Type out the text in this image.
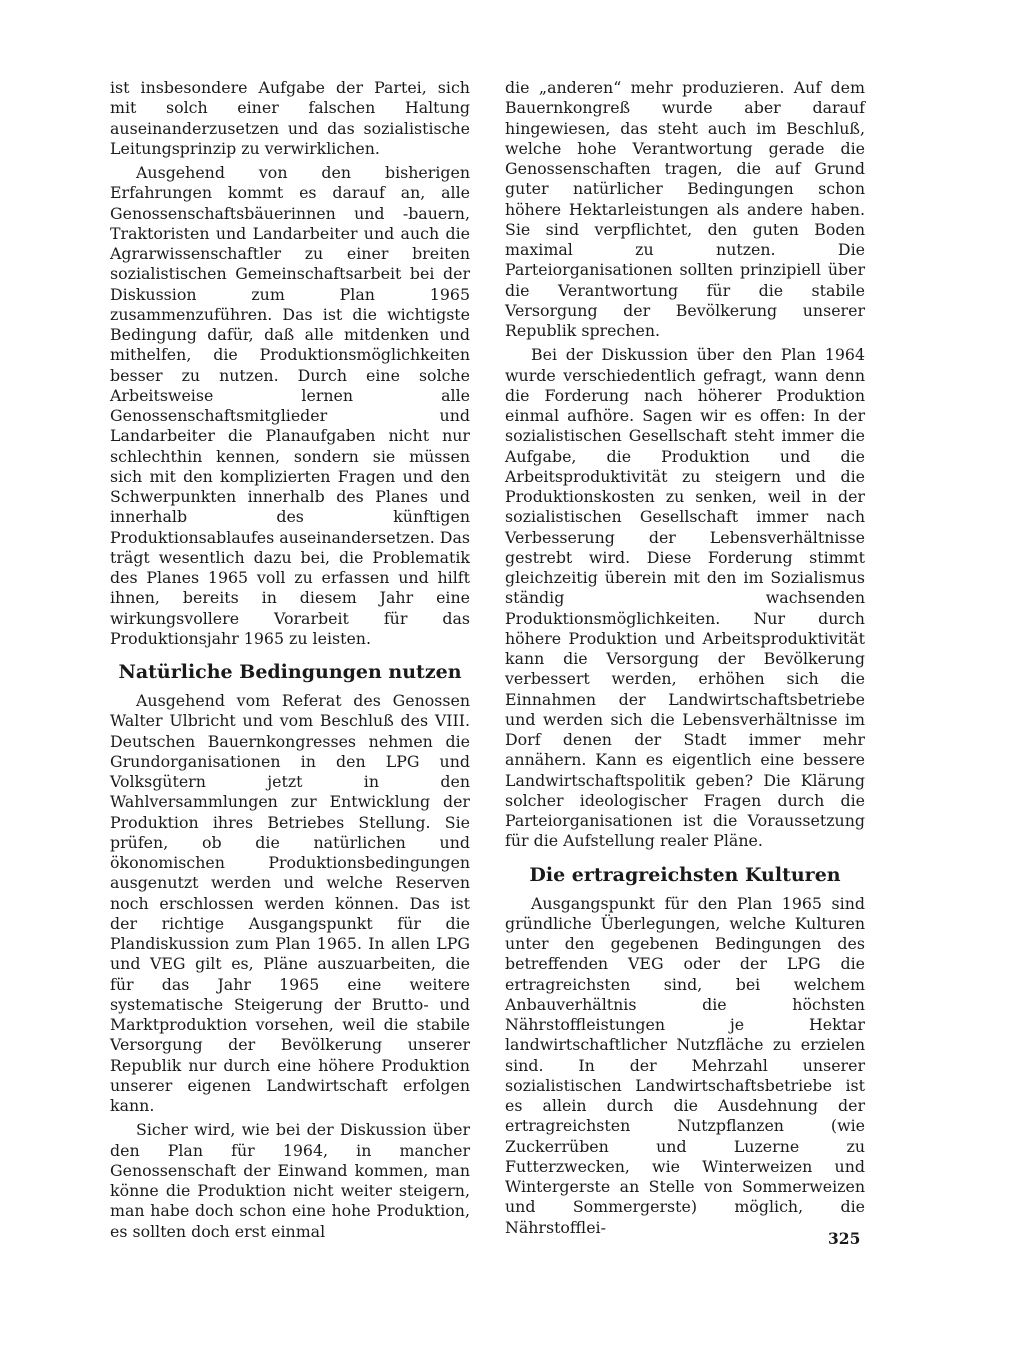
ist insbesondere Aufgabe der Partei, sich mit solch einer falschen Haltung auseinanderzusetzen und das sozialistische Leitungsprinzip zu verwirklichen.

Ausgehend von den bisherigen Erfahrungen kommt es darauf an, alle Genossenschaftsbäuerinnen und -bauern, Traktoristen und Landarbeiter und auch die Agrarwissenschaftler zu einer breiten sozialistischen Gemeinschaftsarbeit bei der Diskussion zum Plan 1965 zusammenzuführen. Das ist die wichtigste Bedingung dafür, daß alle mitdenken und mithelfen, die Produktionsmöglichkeiten besser zu nutzen. Durch eine solche Arbeitsweise lernen alle Genossenschaftsmitglieder und Landarbeiter die Planaufgaben nicht nur schlechthin kennen, sondern sie müssen sich mit den komplizierten Fragen und den Schwerpunkten innerhalb des Planes und innerhalb des künftigen Produktionsablaufes auseinandersetzen. Das trägt wesentlich dazu bei, die Problematik des Planes 1965 voll zu erfassen und hilft ihnen, bereits in diesem Jahr eine wirkungsvollere Vorarbeit für das Produktionsjahr 1965 zu leisten.

Natürliche Bedingungen nutzen

Ausgehend vom Referat des Genossen Walter Ulbricht und vom Beschluß des VIII. Deutschen Bauernkongresses nehmen die Grundorganisationen in den LPG und Volksgütern jetzt in den Wahlversammlungen zur Entwicklung der Produktion ihres Betriebes Stellung. Sie prüfen, ob die natürlichen und ökonomischen Produktionsbedingungen ausgenutzt werden und welche Reserven noch erschlossen werden können. Das ist der richtige Ausgangspunkt für die Plandiskussion zum Plan 1965. In allen LPG und VEG gilt es, Pläne auszuarbeiten, die für das Jahr 1965 eine weitere systematische Steigerung der Brutto- und Marktproduktion vorsehen, weil die stabile Versorgung der Bevölkerung unserer Republik nur durch eine höhere Produktion unserer eigenen Landwirtschaft erfolgen kann.

Sicher wird, wie bei der Diskussion über den Plan für 1964, in mancher Genossenschaft der Einwand kommen, man könne die Produktion nicht weiter steigern, man habe doch schon eine hohe Produktion, es sollten doch erst einmal

die „anderen“ mehr produzieren. Auf dem Bauernkongreß wurde aber darauf hingewiesen, das steht auch im Beschluß, welche hohe Verantwortung gerade die Genossenschaften tragen, die auf Grund guter natürlicher Bedingungen schon höhere Hektarleistungen als andere haben. Sie sind verpflichtet, den guten Boden maximal zu nutzen. Die Parteiorganisationen sollten prinzipiell über die Verantwortung für die stabile Versorgung der Bevölkerung unserer Republik sprechen.

Bei der Diskussion über den Plan 1964 wurde verschiedentlich gefragt, wann denn die Forderung nach höherer Produktion einmal aufhöre. Sagen wir es offen: In der sozialistischen Gesellschaft steht immer die Aufgabe, die Produktion und die Arbeitsproduktivität zu steigern und die Produktionskosten zu senken, weil in der sozialistischen Gesellschaft immer nach Verbesserung der Lebensverhältnisse gestrebt wird. Diese Forderung stimmt gleichzeitig überein mit den im Sozialismus ständig wachsenden Produktionsmöglichkeiten. Nur durch höhere Produktion und Arbeitsproduktivität kann die Versorgung der Bevölkerung verbessert werden, erhöhen sich die Einnahmen der Landwirtschaftsbetriebe und werden sich die Lebensverhältnisse im Dorf denen der Stadt immer mehr annähern. Kann es eigentlich eine bessere Landwirtschaftspolitik geben? Die Klärung solcher ideologischer Fragen durch die Parteiorganisationen ist die Voraussetzung für die Aufstellung realer Pläne.

Die ertragreichsten Kulturen

Ausgangspunkt für den Plan 1965 sind gründliche Überlegungen, welche Kulturen unter den gegebenen Bedingungen des betreffenden VEG oder der LPG die ertragreichsten sind, bei welchem Anbauverhältnis die höchsten Nährstoffleistungen je Hektar landwirtschaftlicher Nutzfläche zu erzielen sind. In der Mehrzahl unserer sozialistischen Landwirtschaftsbetriebe ist es allein durch die Ausdehnung der ertragreichsten Nutzpflanzen (wie Zuckerrüben und Luzerne zu Futterzwecken, wie Winterweizen und Wintergerste an Stelle von Sommerweizen und Sommergerste) möglich, die Nährstofflei-

325
